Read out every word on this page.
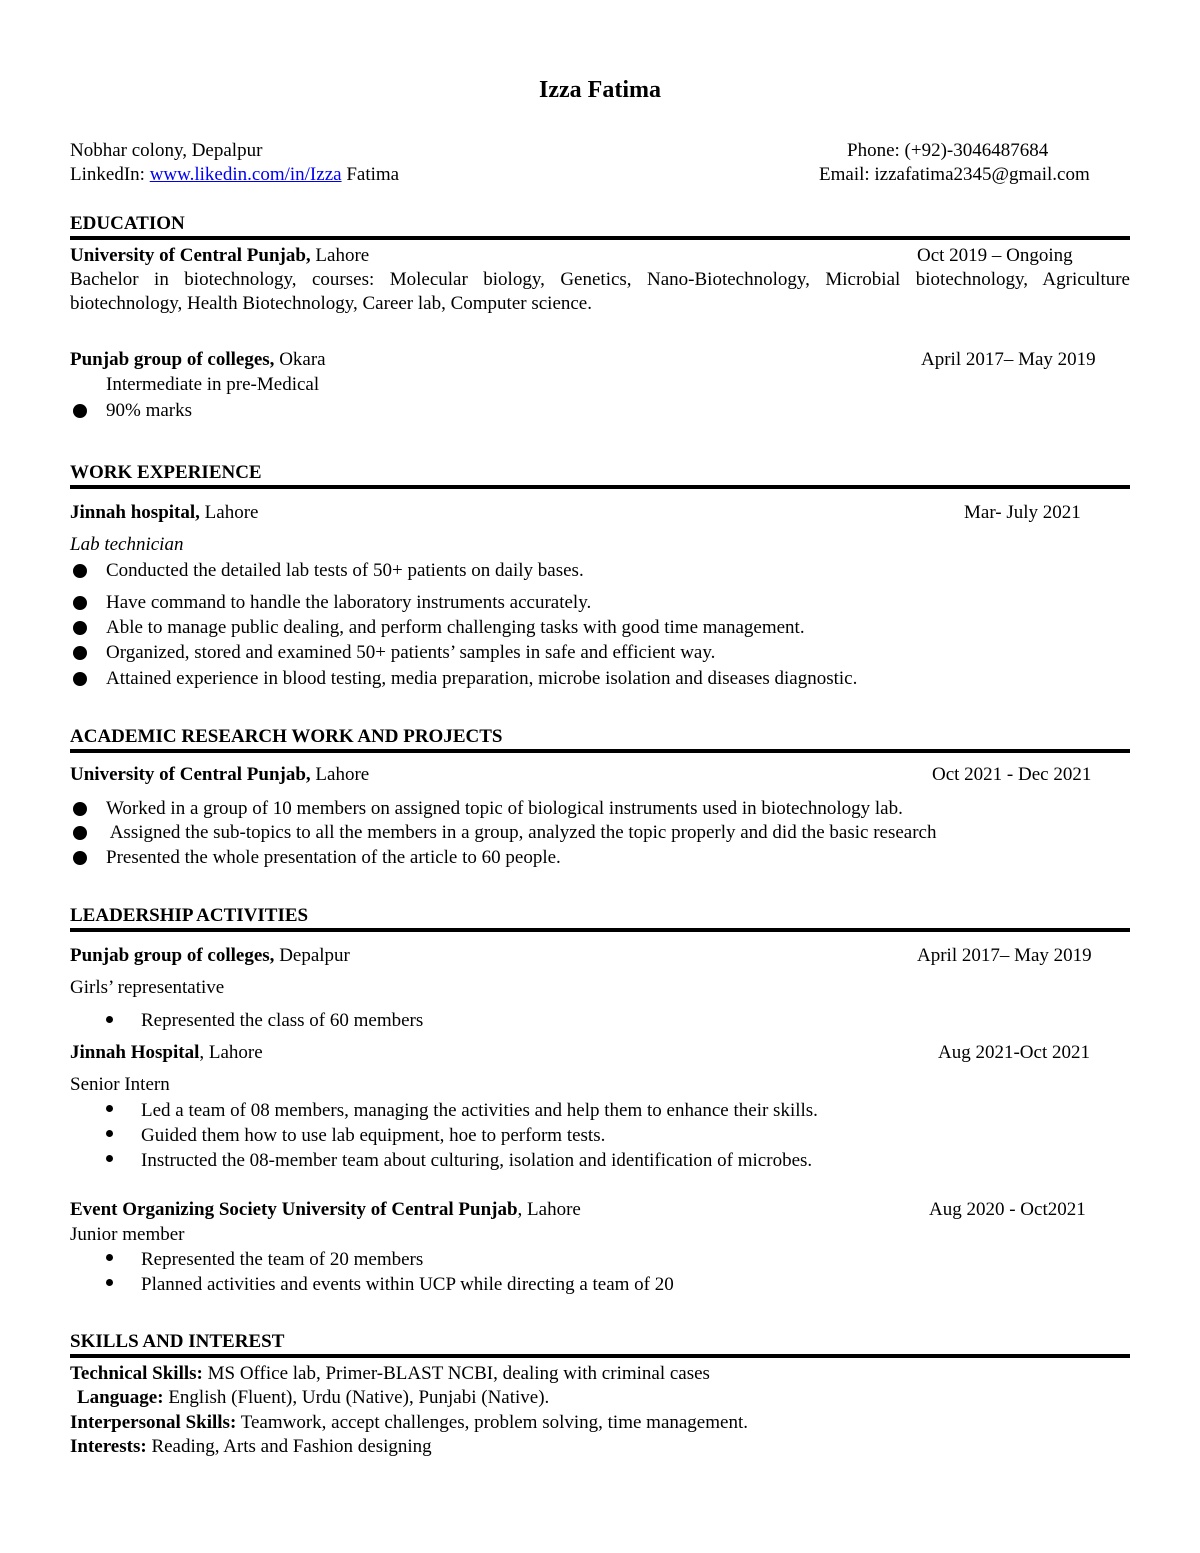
Izza Fatima
Nobhar colony, Depalpur	Phone: (+92)-3046487684
LinkedIn: www.likedin.com/in/Izza Fatima	Email: izzafatima2345@gmail.com
EDUCATION
University of Central Punjab, Lahore	Oct 2019 – Ongoing
Bachelor in biotechnology, courses: Molecular biology, Genetics, Nano-Biotechnology, Microbial biotechnology, Agriculture
biotechnology, Health Biotechnology, Career lab, Computer science.
Punjab group of colleges, Okara	April 2017– May 2019
Intermediate in pre-Medical
90% marks
WORK EXPERIENCE
Jinnah hospital, Lahore	Mar- July 2021
Lab technician
Conducted the detailed lab tests of 50+ patients on daily bases.
Have command to handle the laboratory instruments accurately.
Able to manage public dealing, and perform challenging tasks with good time management.
Organized, stored and examined 50+ patients’ samples in safe and efficient way.
Attained experience in blood testing, media preparation, microbe isolation and diseases diagnostic.
ACADEMIC RESEARCH WORK AND PROJECTS
University of Central Punjab, Lahore	Oct 2021 - Dec 2021
Worked in a group of 10 members on assigned topic of biological instruments used in biotechnology lab.
Assigned the sub-topics to all the members in a group, analyzed the topic properly and did the basic research
Presented the whole presentation of the article to 60 people.
LEADERSHIP ACTIVITIES
Punjab group of colleges, Depalpur	April 2017– May 2019
Girls’ representative
Represented the class of 60 members
Jinnah Hospital, Lahore	Aug 2021-Oct 2021
Senior Intern
Led a team of 08 members, managing the activities and help them to enhance their skills.
Guided them how to use lab equipment, hoe to perform tests.
Instructed the 08-member team about culturing, isolation and identification of microbes.
Event Organizing Society University of Central Punjab, Lahore	Aug 2020 - Oct2021
Junior member
Represented the team of 20 members
Planned activities and events within UCP while directing a team of 20
SKILLS AND INTEREST
Technical Skills: MS Office lab, Primer-BLAST NCBI, dealing with criminal cases
Language: English (Fluent), Urdu (Native), Punjabi (Native).
Interpersonal Skills: Teamwork, accept challenges, problem solving, time management.
Interests: Reading, Arts and Fashion designing
